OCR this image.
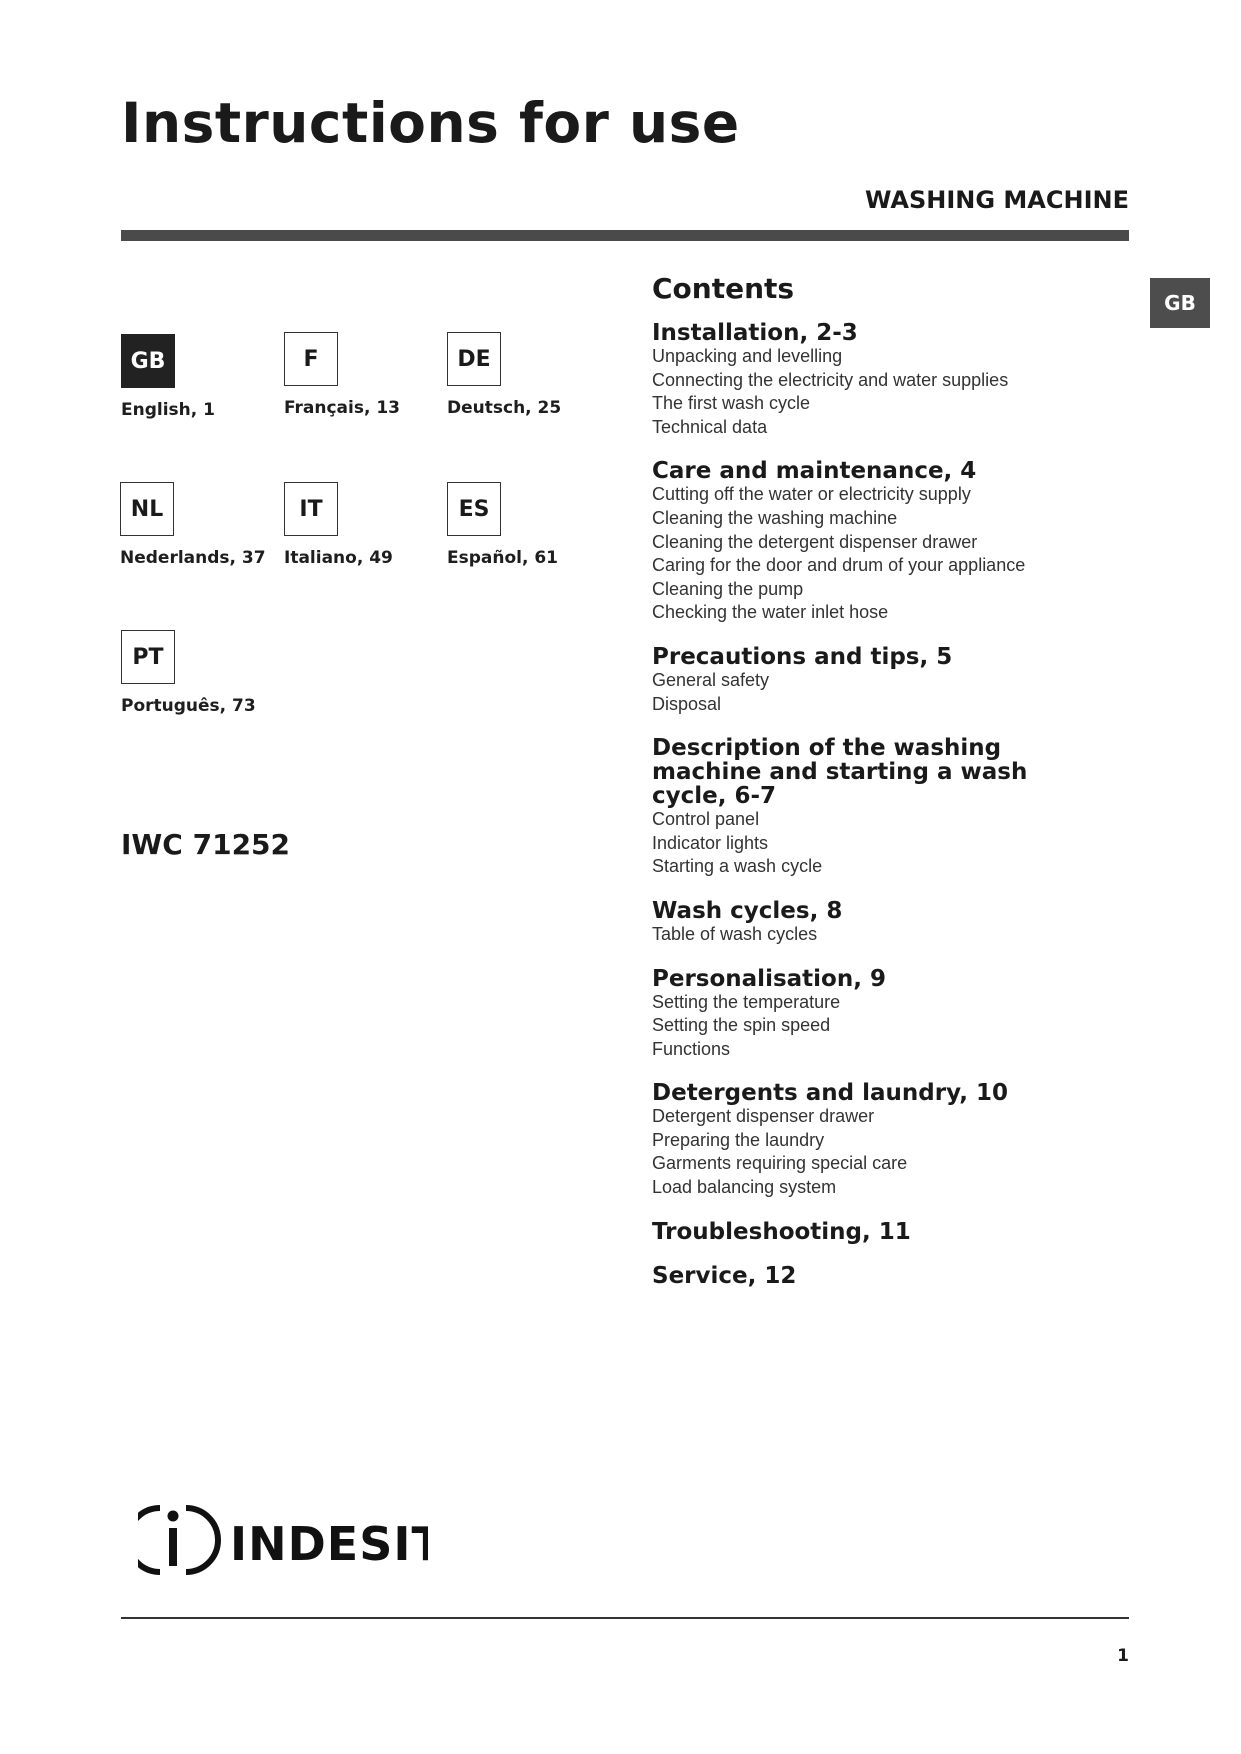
Instructions for use
WASHING MACHINE
GB
GB
English, 1
F
Français, 13
DE
Deutsch, 25
NL
Nederlands, 37
IT
Italiano, 49
ES
Español, 61
PT
Português, 73
IWC 71252
Contents
Installation, 2-3
Unpacking and levelling
Connecting the electricity and water supplies
The first wash cycle
Technical data
Care and maintenance, 4
Cutting off the water or electricity supply
Cleaning the washing machine
Cleaning the detergent dispenser drawer
Caring for the door and drum of your appliance
Cleaning the pump
Checking the water inlet hose
Precautions and tips, 5
General safety
Disposal
Description of the washing machine and starting a wash cycle, 6-7
Control panel
Indicator lights
Starting a wash cycle
Wash cycles, 8
Table of wash cycles
Personalisation, 9
Setting the temperature
Setting the spin speed
Functions
Detergents and laundry, 10
Detergent dispenser drawer
Preparing the laundry
Garments requiring special care
Load balancing system
Troubleshooting, 11
Service, 12
INDESIT
1
